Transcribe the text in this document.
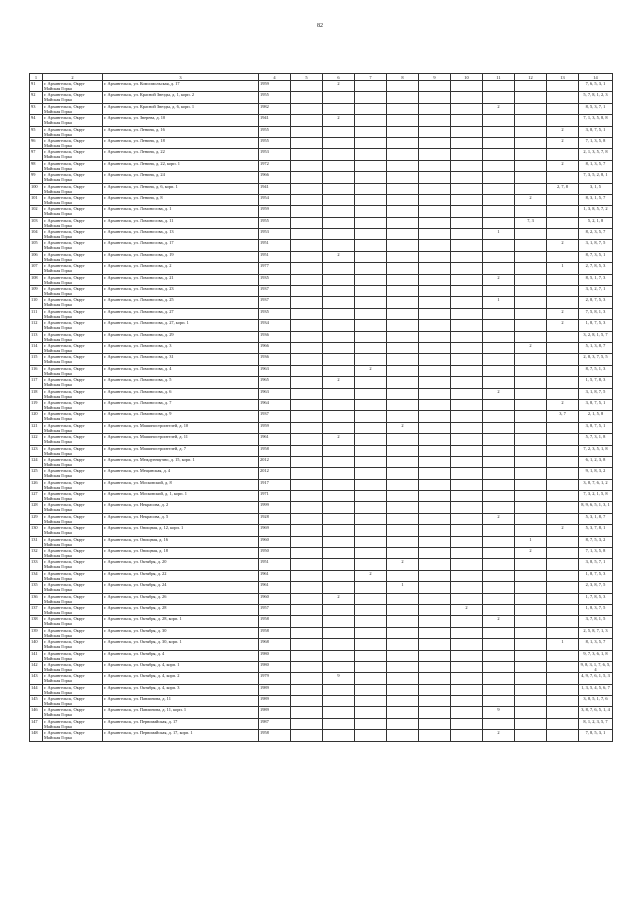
82
1	2	3	4	5	6	7	8	9	10	11	12	13	14
91	г. Архангельск, Округ Майская Горка	г. Архангельск, ул. Комсомольская, д. 17	1959		2								7, 6, 5, 3, 1
92	г. Архангельск, Округ Майская Горка	г. Архангельск, ул. Красной Звезды, д. 1, корп. 2	1955										5, 7, 8, 1, 2, 3
93	г. Архангельск, Округ Майская Горка	г. Архангельск, ул. Красной Звезды, д. 6, корп. 1	1982							2			8, 5, 3, 7, 1
94	г. Архангельск, Округ Майская Горка	г. Архангельск, ул. Зверева, д. 10	1941		2								7, 1, 3, 5, 8, 8
95	г. Архангельск, Округ Майская Горка	г. Архангельск, ул. Ленина, д. 16	1955									2	3, 8, 7, 5, 1
96	г. Архангельск, Округ Майская Горка	г. Архангельск, ул. Ленина, д. 18	1955									2	7, 1, 3, 5, 8
97	г. Архангельск, Округ Майская Горка	г. Архангельск, ул. Ленина, д. 22	1953										2, 1, 3, 5, 7, 8
98	г. Архангельск, Округ Майская Горка	г. Архангельск, ул. Ленина, д. 22, корп. 1	1972									2	8, 1, 3, 5, 7
99	г. Архангельск, Округ Майская Горка	г. Архангельск, ул. Ленина, д. 24	1966										7, 3, 5, 2, 8, 1
100	г. Архангельск, Округ Майская Горка	г. Архангельск, ул. Ленина, д. 6, корп. 1	1941									2, 7, 8	3, 1, 5
101	г. Архангельск, Округ Майская Горка	г. Архангельск, ул. Ленина, д. 8	1954								2		8, 3, 1, 5, 7
102	г. Архангельск, Округ Майская Горка	г. Архангельск, ул. Ломоносова, д. 1	1959										1, 3, 8, 5, 7, 2
103	г. Архангельск, Округ Майская Горка	г. Архангельск, ул. Ломоносова, д. 11	1955								7, 3		5, 2, 1, 8
104	г. Архангельск, Округ Майская Горка	г. Архангельск, ул. Ломоносова, д. 13	1953							1			8, 2, 3, 5, 7
105	г. Архангельск, Округ Майская Горка	г. Архангельск, ул. Ломоносова, д. 17	1951									2	3, 1, 8, 7, 5
106	г. Архангельск, Округ Майская Горка	г. Архангельск, ул. Ломоносова, д. 19	1951		2								8, 7, 3, 5, 1
107	г. Архангельск, Округ Майская Горка	г. Архангельск, ул. Ломоносова, д. 2	1977									1	2, 7, 8, 5, 3
108	г. Архангельск, Округ Майская Горка	г. Архангельск, ул. Ломоносова, д. 21	1935							2			8, 5, 1, 7, 3
109	г. Архангельск, Округ Майская Горка	г. Архангельск, ул. Ломоносова, д. 23	1937										3, 5, 2, 7, 1
110	г. Архангельск, Округ Майская Горка	г. Архангельск, ул. Ломоносова, д. 25	1937							1			2, 8, 7, 5, 3
111	г. Архангельск, Округ Майская Горка	г. Архангельск, ул. Ломоносова, д. 27	1935									2	7, 5, 8, 1, 3
112	г. Архангельск, Округ Майская Горка	г. Архангельск, ул. Ломоносова, д. 27, корп. 1	1934									2	1, 8, 7, 5, 3
113	г. Архангельск, Округ Майская Горка	г. Архангельск, ул. Ломоносова, д. 29	1936										3, 2, 8, 1, 5, 7
114	г. Архангельск, Округ Майская Горка	г. Архангельск, ул. Ломоносова, д. 3	1966								2		5, 1, 3, 8, 7
115	г. Архангельск, Округ Майская Горка	г. Архангельск, ул. Ломоносова, д. 31	1936										2, 8, 3, 7, 5, 5
116	г. Архангельск, Округ Майская Горка	г. Архангельск, ул. Ломоносова, д. 4	1963			2							8, 7, 5, 1, 3
117	г. Архангельск, Округ Майская Горка	г. Архангельск, ул. Ломоносова, д. 5	1965		2								1, 5, 7, 8, 3
118	г. Архангельск, Округ Майская Горка	г. Архангельск, ул. Ломоносова, д. 6	1963							2			3, 1, 8, 7, 5
119	г. Архангельск, Округ Майская Горка	г. Архангельск, ул. Ломоносова, д. 7	1964									2	3, 8, 7, 5, 1
120	г. Архангельск, Округ Майская Горка	г. Архангельск, ул. Ломоносова, д. 9	1937									3, 7	2, 1, 5, 8
121	г. Архангельск, Округ Майская Горка	г. Архангельск, ул. Машиностроителей, д. 10	1959				2						3, 8, 7, 5, 1
122	г. Архангельск, Округ Майская Горка	г. Архангельск, ул. Машиностроителей, д. 11	1961		2								5, 7, 3, 1, 8
123	г. Архангельск, Округ Майская Горка	г. Архангельск, ул. Машиностроителей, д. 7	1958										7, 2, 3, 5, 1, 8
124	г. Архангельск, Округ Майская Горка	г. Архангельск, ул. Междуннаучно, д. 15, корп. 1	2012										6, 1, 2, 3, 8
125	г. Архангельск, Округ Майская Горка	г. Архангельск, ул. Мещанская, д. 4	2012										9, 1, 8, 3, 2
126	г. Архангельск, Округ Майская Горка	г. Архангельск, ул. Московский, д. 8	1917										3, 8, 7, 6, 1, 2
127	г. Архангельск, Округ Майская Горка	г. Архангельск, ул. Московский, д. 1, корп. 1	1971										7, 3, 2, 1, 5, 8
128	г. Архангельск, Округ Майская Горка	г. Архангельск, ул. Некрасова, д. 2	1999										8, 9, 6, 5, 1, 3, 1
129	г. Архангельск, Округ Майская Горка	г. Архангельск, ул. Некрасова, д. 5	1928							2			5, 3, 1, 8, 7
130	г. Архангельск, Округ Майская Горка	г. Архангельск, ул. Овощная, д. 12, корп. 1	1969									2	5, 3, 7, 8, 1
131	г. Архангельск, Округ Майская Горка	г. Архангельск, ул. Овощная, д. 16	1960								1		8, 7, 5, 3, 2
132	г. Архангельск, Округ Майская Горка	г. Архангельск, ул. Овощная, д. 18	1950								2		7, 1, 3, 5, 8
133	г. Архангельск, Округ Майская Горка	г. Архангельск, ул. Октября, д. 20	1951				2						3, 8, 5, 7, 1
134	г. Архангельск, Округ Майская Горка	г. Архангельск, ул. Октября, д. 22	1961			2							1, 8, 7, 5, 3
135	г. Архангельск, Округ Майская Горка	г. Архангельск, ул. Октября, д. 24	1961				1						2, 3, 8, 7, 5
136	г. Архангельск, Округ Майская Горка	г. Архангельск, ул. Октября, д. 26	1960		2								1, 7, 8, 5, 3
137	г. Архангельск, Округ Майская Горка	г. Архангельск, ул. Октября, д. 28	1957						2				1, 8, 3, 7, 5
138	г. Архангельск, Округ Майская Горка	г. Архангельск, ул. Октября, д. 28, корп. 1	1958							2			3, 7, 8, 1, 5
139	г. Архангельск, Округ Майская Горка	г. Архангельск, ул. Октября, д. 30	1958										2, 5, 8, 7, 1, 3
140	г. Архангельск, Округ Майская Горка	г. Архангельск, ул. Октября, д. 30, корп. 1	1968									1	8, 1, 3, 5, 7
141	г. Архангельск, Округ Майская Горка	г. Архангельск, ул. Октября, д. 4	1980										9, 7, 3, 6, 1, 8
142	г. Архангельск, Округ Майская Горка	г. Архангельск, ул. Октября, д. 4, корп. 1	1980										9, 8, 3, 1, 7, 6, 5, 4
143	г. Архангельск, Округ Майская Горка	г. Архангельск, ул. Октября, д. 4, корп. 2	1979		9								4, 9, 7, 6, 1, 5, 3
144	г. Архангельск, Округ Майская Горка	г. Архангельск, ул. Октября, д. 4, корп. 3	1989										1, 3, 5, 4, 5, 6, 7
145	г. Архангельск, Округ Майская Горка	г. Архангельск, ул. Павлинова, д. 11	1989										3, 8, 5, 1, 7, 6
146	г. Архангельск, Округ Майская Горка	г. Архангельск, ул. Павлинова, д. 11, корп. 1	1989							9			3, 8, 7, 6, 5, 1, 4
147	г. Архангельск, Округ Майская Горка	г. Архангельск, ул. Первомайская, д. 17	1987										8, 1, 2, 3, 5, 7
148	г. Архангельск, Округ Майская Горка	г. Архангельск, ул. Первомайская, д. 17, корп. 1	1958							2			7, 8, 5, 3, 1
